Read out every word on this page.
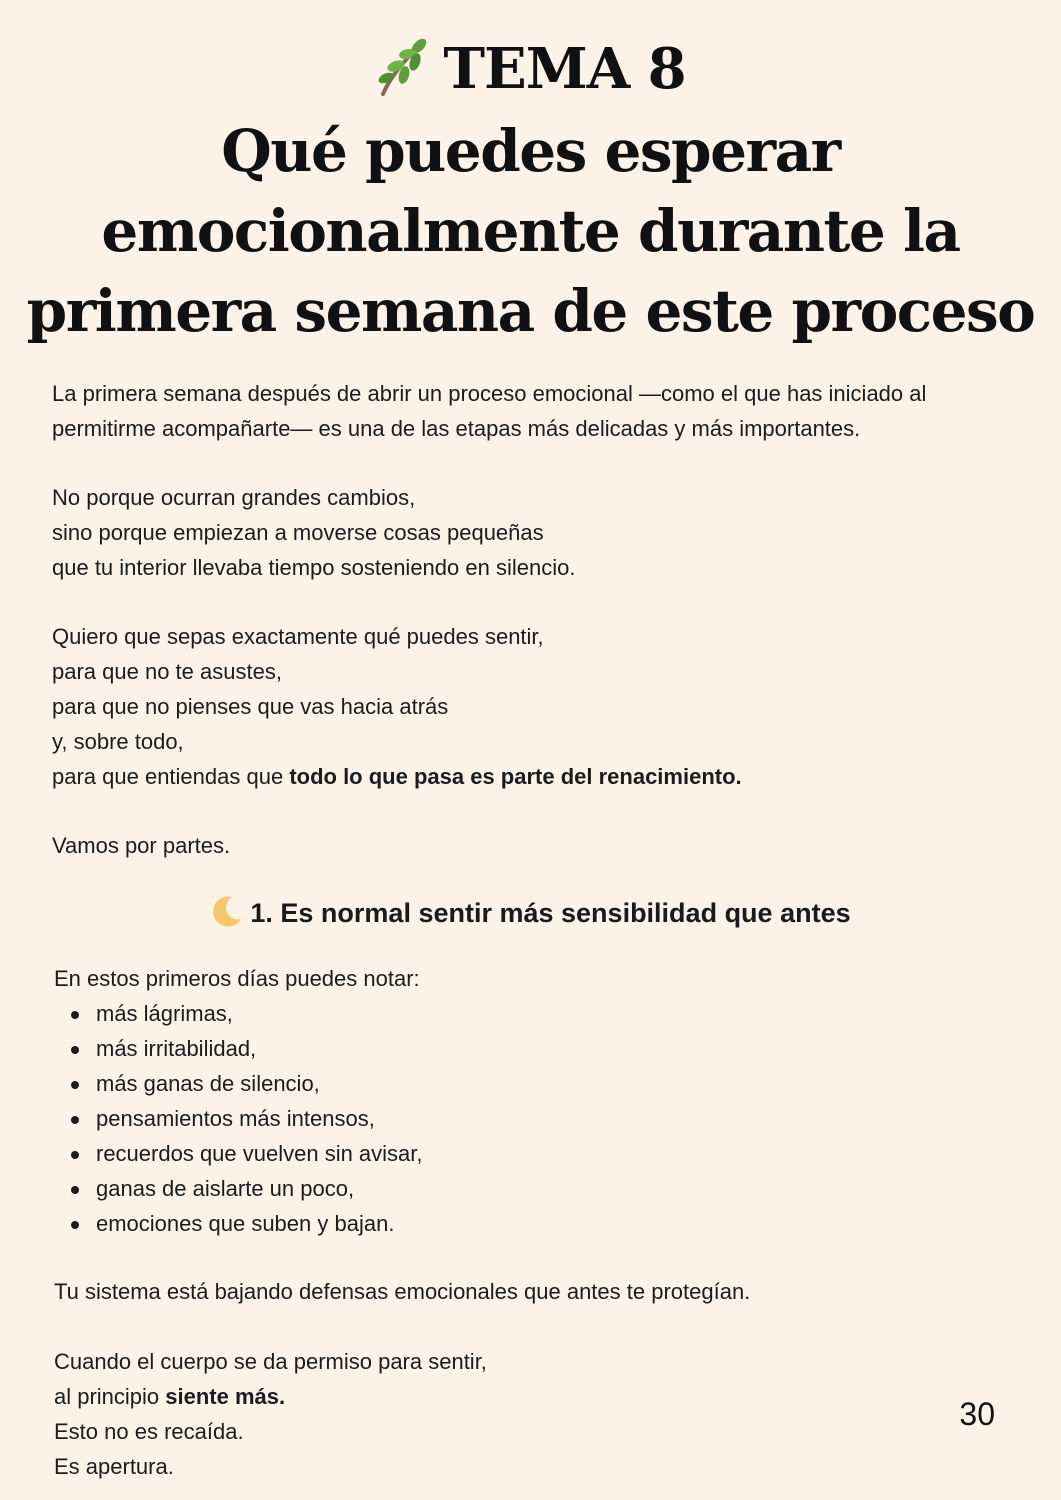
TEMA 8
Qué puedes esperar
emocionalmente durante la
primera semana de este proceso
La primera semana después de abrir un proceso emocional —como el que has iniciado al
permitirme acompañarte— es una de las etapas más delicadas y más importantes.
No porque ocurran grandes cambios,
sino porque empiezan a moverse cosas pequeñas
que tu interior llevaba tiempo sosteniendo en silencio.
Quiero que sepas exactamente qué puedes sentir,
para que no te asustes,
para que no pienses que vas hacia atrás
y, sobre todo,
para que entiendas que todo lo que pasa es parte del renacimiento.
Vamos por partes.
1. Es normal sentir más sensibilidad que antes
En estos primeros días puedes notar:
más lágrimas,
más irritabilidad,
más ganas de silencio,
pensamientos más intensos,
recuerdos que vuelven sin avisar,
ganas de aislarte un poco,
emociones que suben y bajan.
Tu sistema está bajando defensas emocionales que antes te protegían.
Cuando el cuerpo se da permiso para sentir,
al principio siente más.
Esto no es recaída.
Es apertura.
30
